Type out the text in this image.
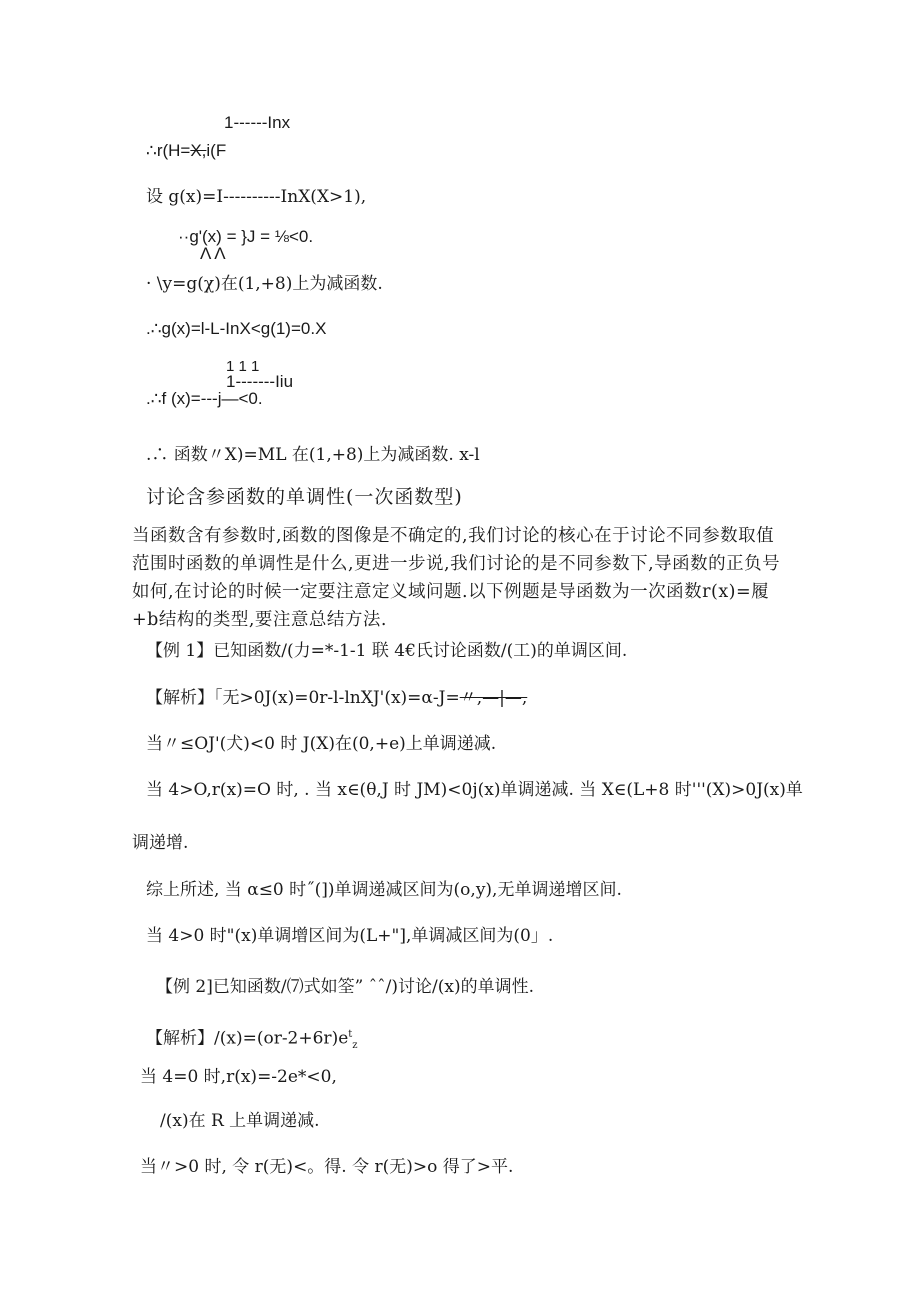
1------Inx
∴r(H=X,i(F
设 g(x)=I----------InX(X>1),
··g'(x) = }J = ⅛<0.
Λ Λ
· \y=g(χ)在(1,+8)上为减函数.
.∴g(x)=l-L-InX<g(1)=0.X
1 1 1
1-------Iiu
.∴f (x)=---j—<0.
.∴ 函数〃X)=ML 在(1,+8)上为减函数. x-l
讨论含参函数的单调性(一次函数型)
当函数含有参数时,函数的图像是不确定的,我们讨论的核心在于讨论不同参数取值范围时函数的单调性是什么,更进一步说,我们讨论的是不同参数下,导函数的正负号如何,在讨论的时候一定要注意定义域问题.以下例题是导函数为一次函数r(x)=履+b结构的类型,要注意总结方法.
【例 1】已知函数/(力=*-1-1 联 4€氏讨论函数/(工)的单调区间.
【解析】「无>0J(x)=0r-l-lnXJ'(x)=α-J=〃,—|—,
当〃≤OJ'(犬)<0 时 J(X)在(0,+e)上单调递减.
当 4>O,r(x)=O 时, . 当 x∈(θ,J 时 JM)<0j(x)单调递减. 当 X∈(L+8 时'''(X)>0J(x)单
调递增.
综上所述, 当 α≤0 时˝(])单调递减区间为(o,y),无单调递增区间.
当 4>0 时"(x)单调增区间为(L+"],单调减区间为(0」.
【例 2]已知函数/⑺式如筌” ˆˆ/)讨论/(x)的单调性.
【解析】$/(x)=(or-2+6r)e^t_z$
当 4=0 时,r(x)=-2e*<0,
/(x)在 R 上单调递减.
当〃>0 时, 令 r(无)<。得. 令 r(无)>o 得了>平.
